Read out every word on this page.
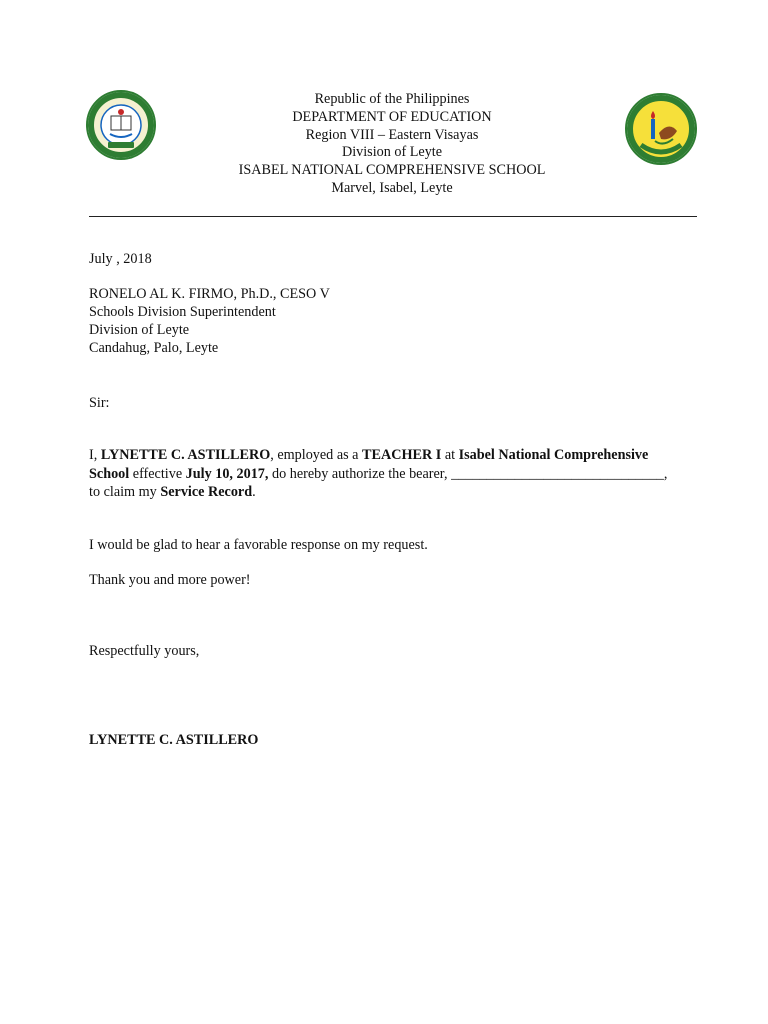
Republic of the Philippines
DEPARTMENT OF EDUCATION
Region VIII – Eastern Visayas
Division of Leyte
ISABEL NATIONAL COMPREHENSIVE SCHOOL
Marvel, Isabel, Leyte
July , 2018
RONELO AL K. FIRMO, Ph.D., CESO V
Schools Division Superintendent
Division of Leyte
Candahug, Palo, Leyte
Sir:
I, LYNETTE C. ASTILLERO, employed as a TEACHER I at Isabel National Comprehensive
School effective July 10, 2017, do hereby authorize the bearer, ______________________________,
to claim my Service Record.
I would be glad to hear a favorable response on my request.
Thank you and more power!
Respectfully yours,
LYNETTE C. ASTILLERO
